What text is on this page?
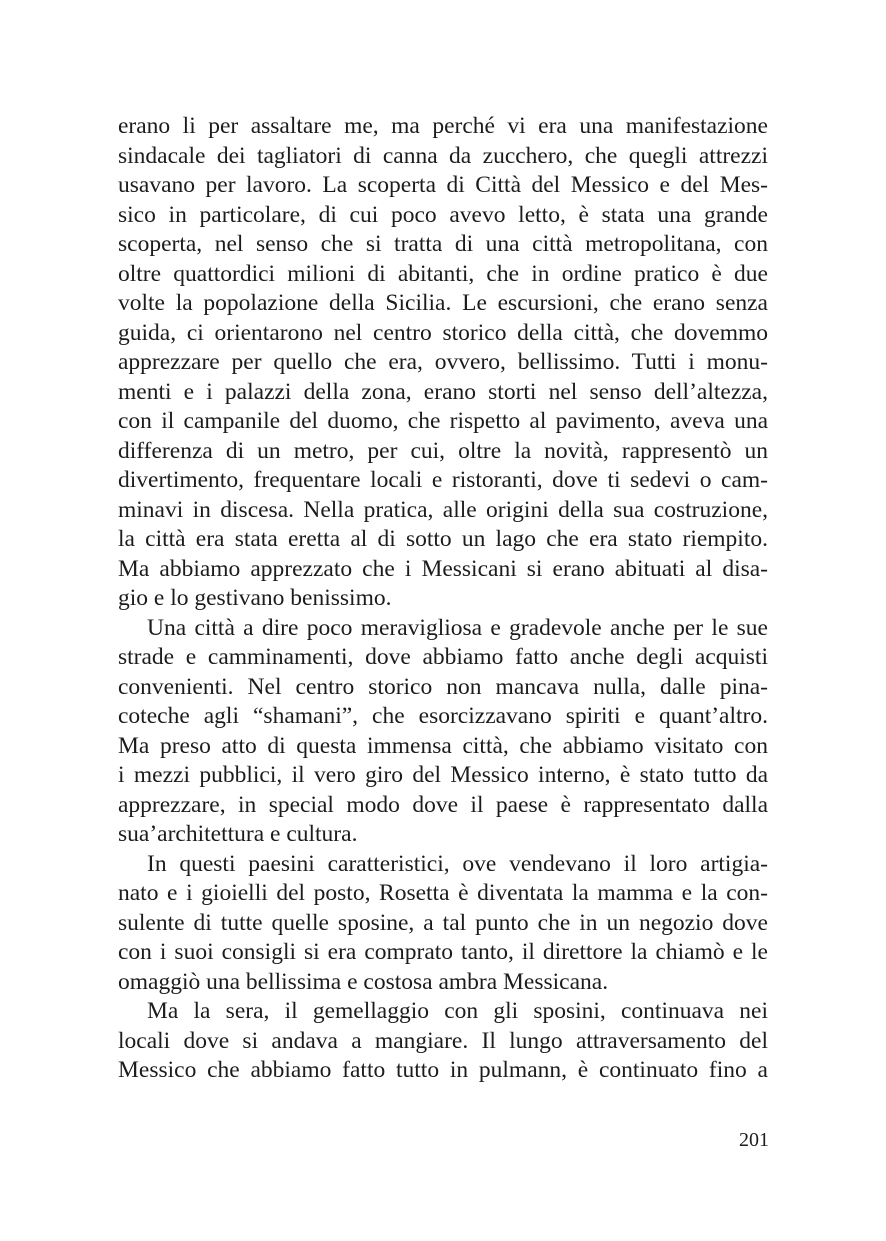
erano li per assaltare me, ma perché vi era una manifestazione
sindacale dei tagliatori di canna da zucchero, che quegli attrezzi
usavano per lavoro. La scoperta di Città del Messico e del Mes-
sico in particolare, di cui poco avevo letto, è stata una grande
scoperta, nel senso che si tratta di una città metropolitana, con
oltre quattordici milioni di abitanti, che in ordine pratico è due
volte la popolazione della Sicilia. Le escursioni, che erano senza
guida, ci orientarono nel centro storico della città, che dovemmo
apprezzare per quello che era, ovvero, bellissimo. Tutti i monu-
menti e i palazzi della zona, erano storti nel senso dell’altezza,
con il campanile del duomo, che rispetto al pavimento, aveva una
differenza di un metro, per cui, oltre la novità, rappresentò un
divertimento, frequentare locali e ristoranti, dove ti sedevi o cam-
minavi in discesa. Nella pratica, alle origini della sua costruzione,
la città era stata eretta al di sotto un lago che era stato riempito.
Ma abbiamo apprezzato che i Messicani si erano abituati al disa-
gio e lo gestivano benissimo.
Una città a dire poco meravigliosa e gradevole anche per le sue
strade e camminamenti, dove abbiamo fatto anche degli acquisti
convenienti. Nel centro storico non mancava nulla, dalle pina-
coteche agli “shamani”, che esorcizzavano spiriti e quant’altro.
Ma preso atto di questa immensa città, che abbiamo visitato con
i mezzi pubblici, il vero giro del Messico interno, è stato tutto da
apprezzare, in special modo dove il paese è rappresentato dalla
sua’architettura e cultura.
In questi paesini caratteristici, ove vendevano il loro artigia-
nato e i gioielli del posto, Rosetta è diventata la mamma e la con-
sulente di tutte quelle sposine, a tal punto che in un negozio dove
con i suoi consigli si era comprato tanto, il direttore la chiamò e le
omaggiò una bellissima e costosa ambra Messicana.
Ma la sera, il gemellaggio con gli sposini, continuava nei
locali dove si andava a mangiare. Il lungo attraversamento del
Messico che abbiamo fatto tutto in pulmann, è continuato fino a
201
